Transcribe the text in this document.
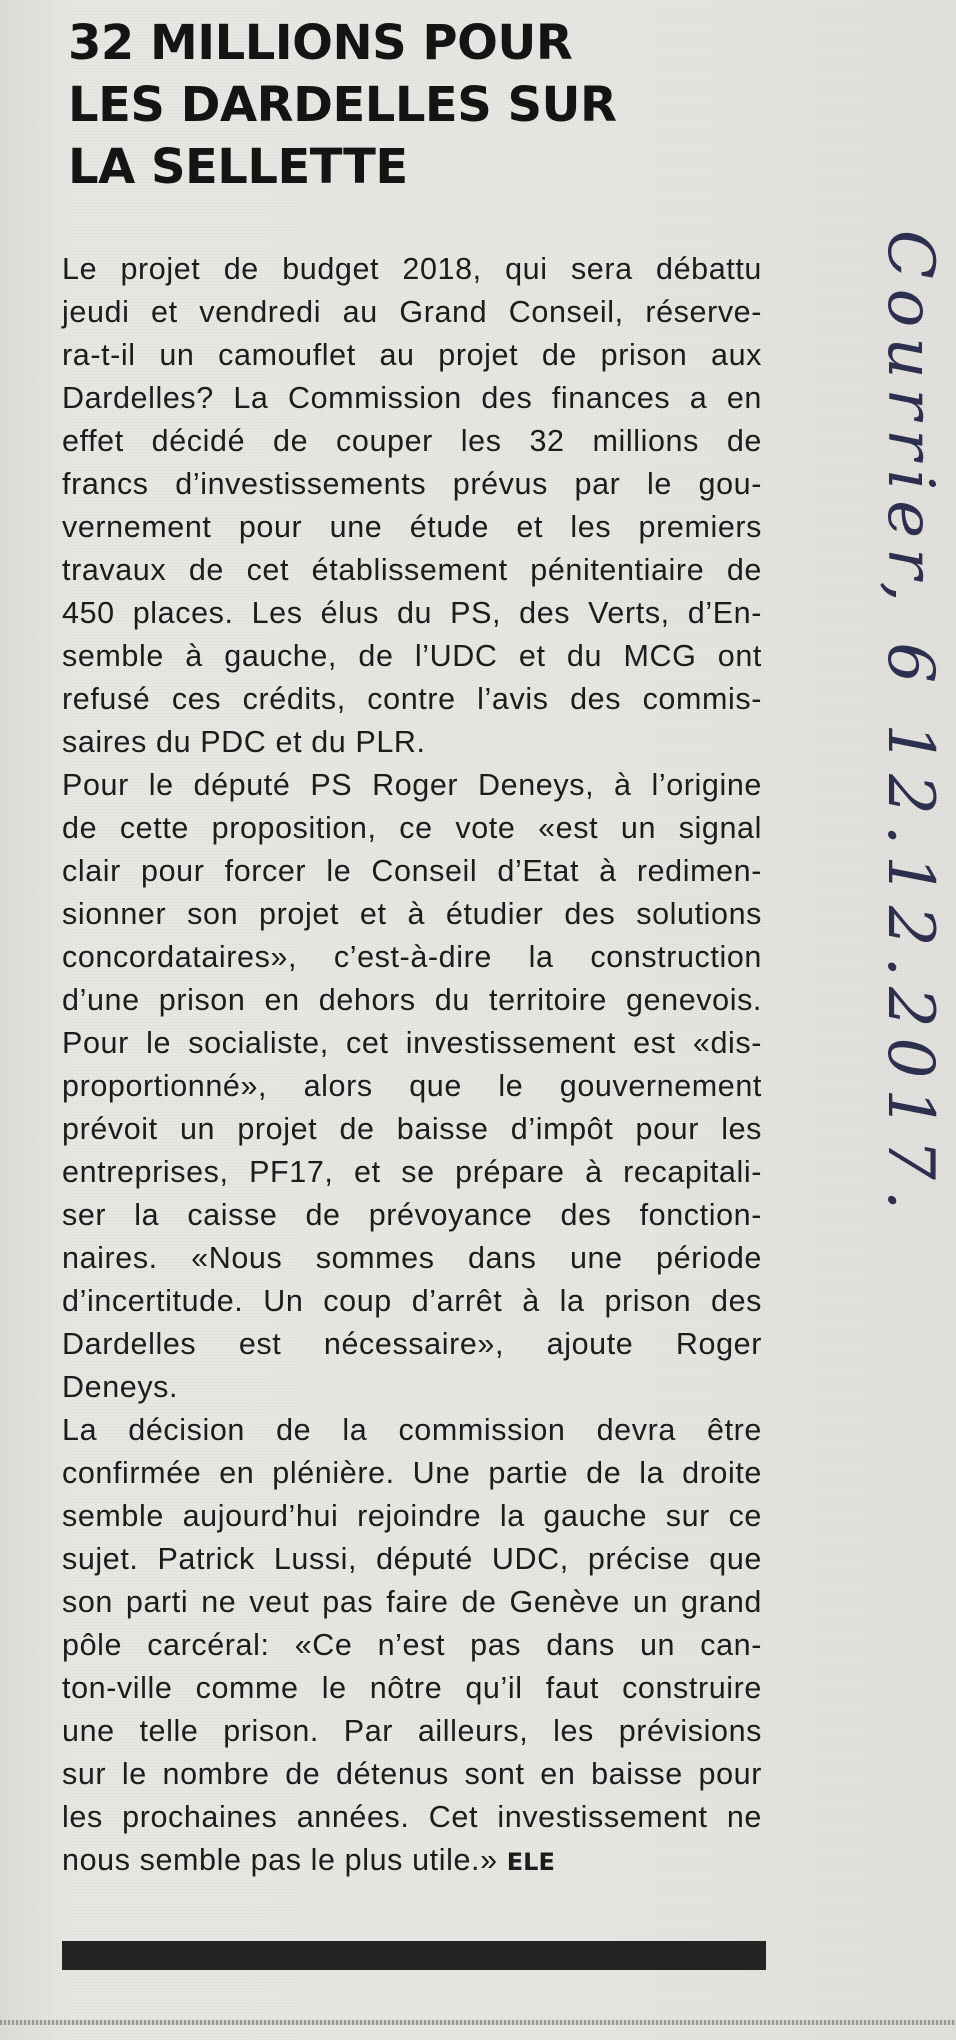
32 MILLIONS POUR
LES DARDELLES SUR
LA SELLETTE
Le projet de budget 2018, qui sera débattu
jeudi et vendredi au Grand Conseil, réserve-
ra-t-il un camouflet au projet de prison aux
Dardelles? La Commission des finances a en
effet décidé de couper les 32 millions de
francs d’investissements prévus par le gou-
vernement pour une étude et les premiers
travaux de cet établissement pénitentiaire de
450 places. Les élus du PS, des Verts, d’En-
semble à gauche, de l’UDC et du MCG ont
refusé ces crédits, contre l’avis des commis-
saires du PDC et du PLR.
Pour le député PS Roger Deneys, à l’origine
de cette proposition, ce vote «est un signal
clair pour forcer le Conseil d’Etat à redimen-
sionner son projet et à étudier des solutions
concordataires», c’est-à-dire la construction
d’une prison en dehors du territoire genevois.
Pour le socialiste, cet investissement est «dis-
proportionné», alors que le gouvernement
prévoit un projet de baisse d’impôt pour les
entreprises, PF17, et se prépare à recapitali-
ser la caisse de prévoyance des fonction-
naires. «Nous sommes dans une période
d’incertitude. Un coup d’arrêt à la prison des
Dardelles est nécessaire», ajoute Roger
Deneys.
La décision de la commission devra être
confirmée en plénière. Une partie de la droite
semble aujourd’hui rejoindre la gauche sur ce
sujet. Patrick Lussi, député UDC, précise que
son parti ne veut pas faire de Genève un grand
pôle carcéral: «Ce n’est pas dans un can-
ton-ville comme le nôtre qu’il faut construire
une telle prison. Par ailleurs, les prévisions
sur le nombre de détenus sont en baisse pour
les prochaines années. Cet investissement ne
nous semble pas le plus utile.» ELE
Courrier, 6 12.12.2017.
